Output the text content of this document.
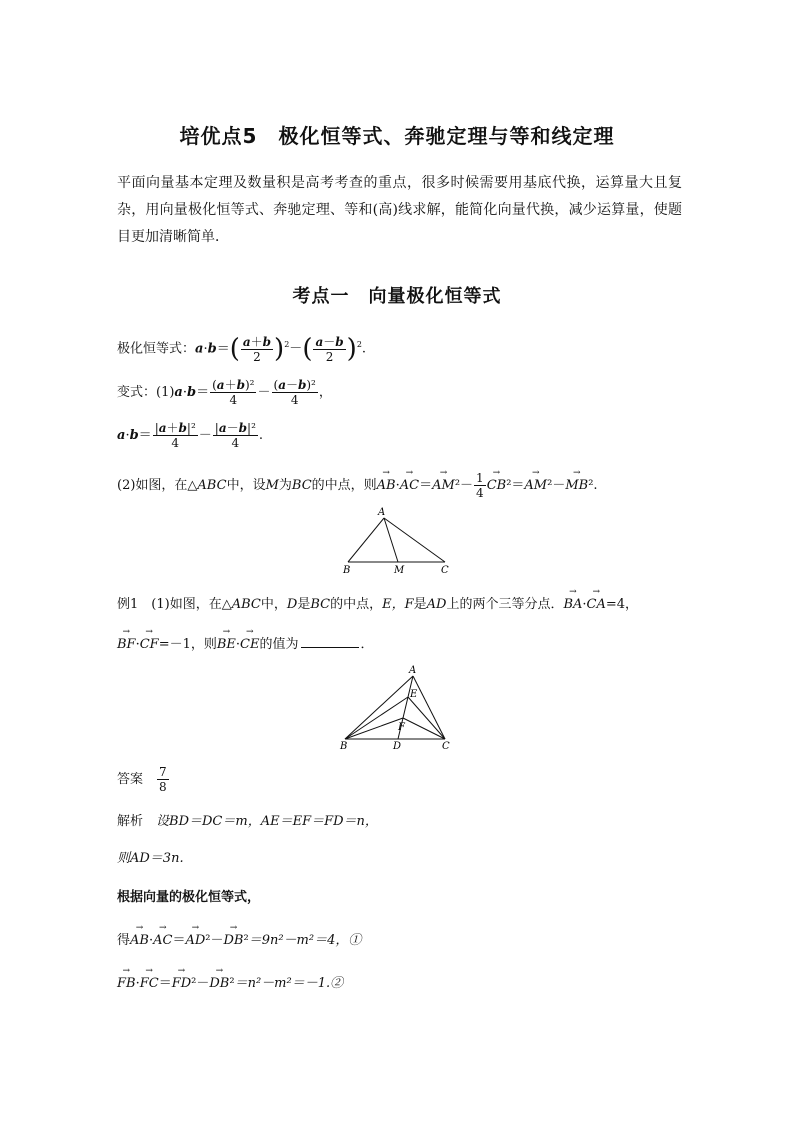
培优点5　极化恒等式、奔驰定理与等和线定理
平面向量基本定理及数量积是高考考查的重点，很多时候需要用基底代换，运算量大且复杂，用向量极化恒等式、奔驰定理、等和(高)线求解，能简化向量代换，减少运算量，使题目更加清晰简单．
考点一　向量极化恒等式
极化恒等式：$a\cdot b=( \frac{a+b}{2} )^2-( \frac{a-b}{2} )^2$.
变式：$(1)a\cdot b= \frac{\text{(a＋b)²}}{4} - \frac{\text{(a－b)²}}{4}$ ，
$a\cdot b= \frac{\text{|a＋b|²}}{4} - \frac{\text{|a－b|²}}{4}$ .
(2)如图，在△ABC中，设M为BC的中点，则→ $AB\cdot\to AC=\to AM^2- \frac{1}{4}$
→ CB²＝→ AM²－→ MB².
A
B	M	C
例1　 (1)如图，在△ABC中，D是BC的中点，E，F是AD上的两个三等分点．→ BA·→ CA=4，
→ BF·→ CF=－1，则→ BE·→ CE的值为	．
A
E
F
B	D	C
答案　 $\frac{7}{8}$
解析　 设BD＝DC＝m，AE＝EF＝FD＝n，
则AD＝3n.
根据向量的极化恒等式，
得→ AB·→ AC＝→ AD²－→ DB²＝9n²－m²＝4，①
→ FB·→ FC＝→ FD²－→ DB²＝n²－m²＝－1.②
